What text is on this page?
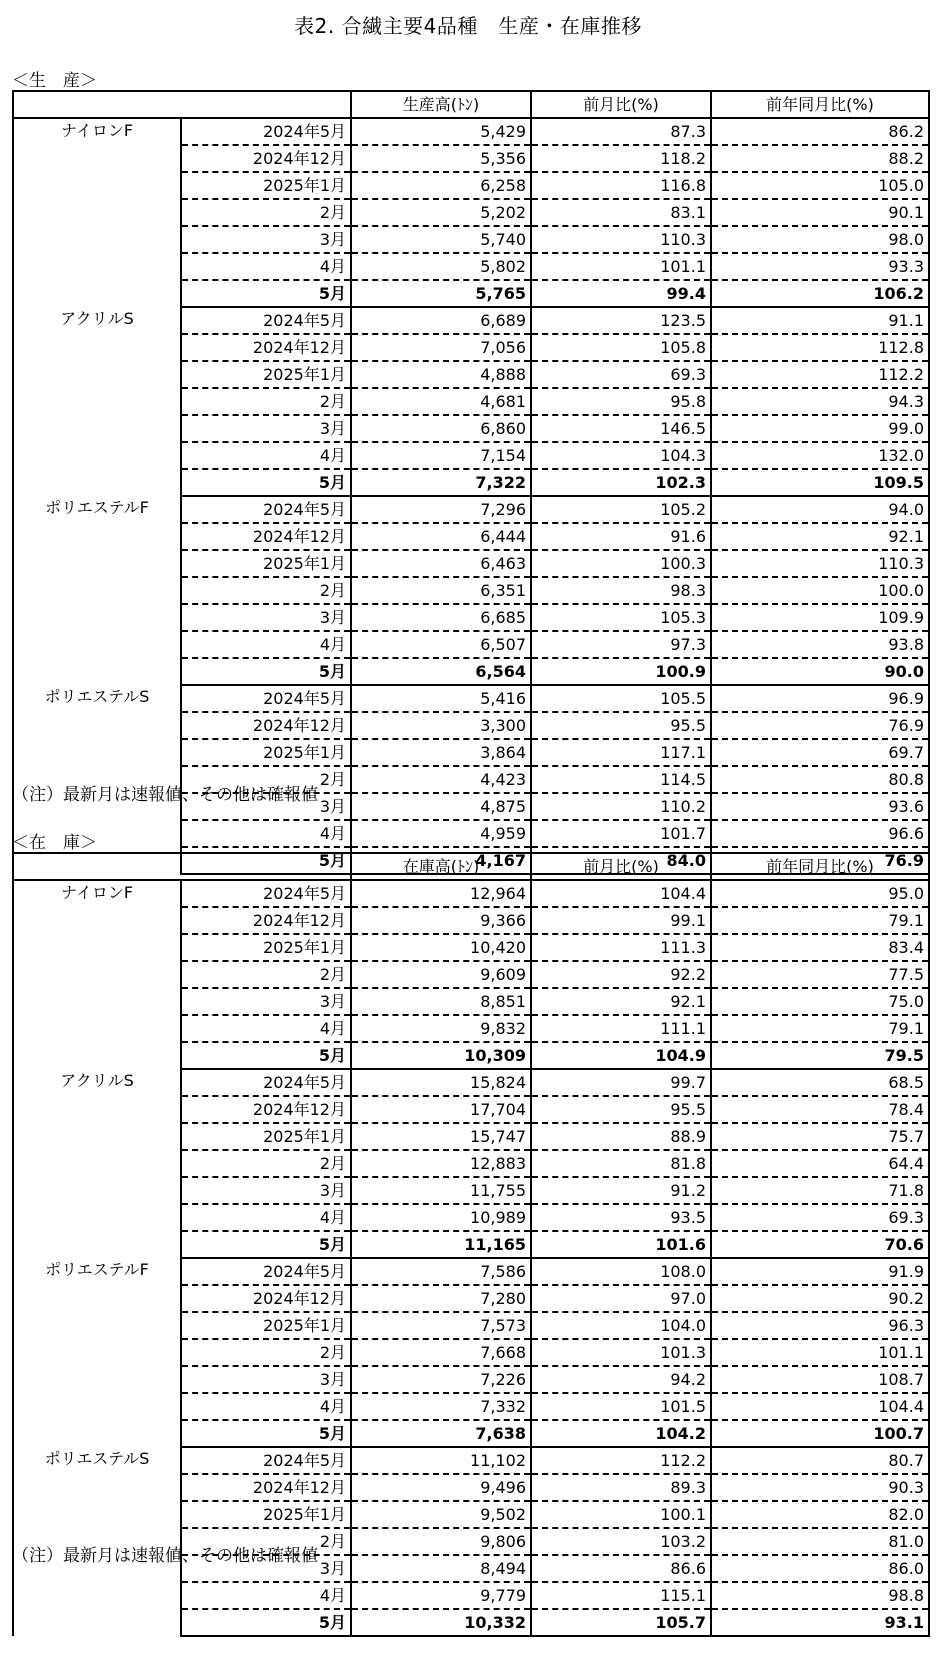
表2. 合繊主要4品種　生産・在庫推移
＜生　産＞
		生産高(ﾄﾝ)	前月比(%)	前年同月比(%)
ナイロンF	2024年5月	5,429	87.3	86.2
	2024年12月	5,356	118.2	88.2
	2025年1月	6,258	116.8	105.0
	2月	5,202	83.1	90.1
	3月	5,740	110.3	98.0
	4月	5,802	101.1	93.3
	5月	5,765	99.4	106.2
アクリルS	2024年5月	6,689	123.5	91.1
	2024年12月	7,056	105.8	112.8
	2025年1月	4,888	69.3	112.2
	2月	4,681	95.8	94.3
	3月	6,860	146.5	99.0
	4月	7,154	104.3	132.0
	5月	7,322	102.3	109.5
ポリエステルF	2024年5月	7,296	105.2	94.0
	2024年12月	6,444	91.6	92.1
	2025年1月	6,463	100.3	110.3
	2月	6,351	98.3	100.0
	3月	6,685	105.3	109.9
	4月	6,507	97.3	93.8
	5月	6,564	100.9	90.0
ポリエステルS	2024年5月	5,416	105.5	96.9
	2024年12月	3,300	95.5	76.9
	2025年1月	3,864	117.1	69.7
	2月	4,423	114.5	80.8
	3月	4,875	110.2	93.6
	4月	4,959	101.7	96.6
	5月	4,167	84.0	76.9
（注）最新月は速報値、その他は確報値
＜在　庫＞
		在庫高(ﾄﾝ)	前月比(%)	前年同月比(%)
ナイロンF	2024年5月	12,964	104.4	95.0
	2024年12月	9,366	99.1	79.1
	2025年1月	10,420	111.3	83.4
	2月	9,609	92.2	77.5
	3月	8,851	92.1	75.0
	4月	9,832	111.1	79.1
	5月	10,309	104.9	79.5
アクリルS	2024年5月	15,824	99.7	68.5
	2024年12月	17,704	95.5	78.4
	2025年1月	15,747	88.9	75.7
	2月	12,883	81.8	64.4
	3月	11,755	91.2	71.8
	4月	10,989	93.5	69.3
	5月	11,165	101.6	70.6
ポリエステルF	2024年5月	7,586	108.0	91.9
	2024年12月	7,280	97.0	90.2
	2025年1月	7,573	104.0	96.3
	2月	7,668	101.3	101.1
	3月	7,226	94.2	108.7
	4月	7,332	101.5	104.4
	5月	7,638	104.2	100.7
ポリエステルS	2024年5月	11,102	112.2	80.7
	2024年12月	9,496	89.3	90.3
	2025年1月	9,502	100.1	82.0
	2月	9,806	103.2	81.0
	3月	8,494	86.6	86.0
	4月	9,779	115.1	98.8
	5月	10,332	105.7	93.1
（注）最新月は速報値、その他は確報値
